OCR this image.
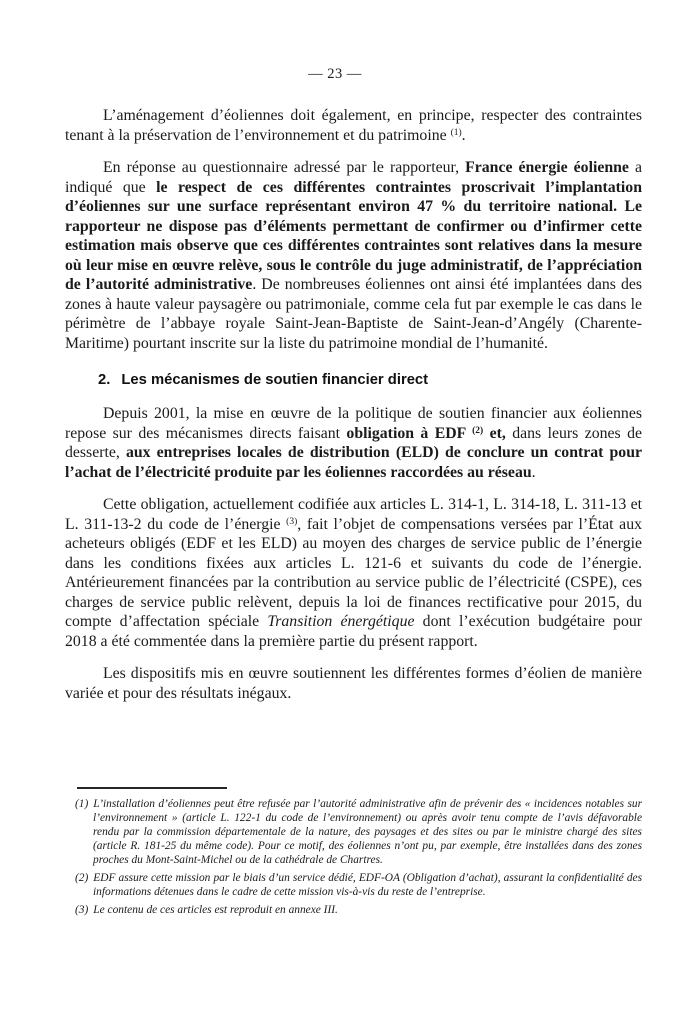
— 23 —

L’aménagement d’éoliennes doit également, en principe, respecter des contraintes tenant à la préservation de l’environnement et du patrimoine $^{(1)}$.

En réponse au questionnaire adressé par le rapporteur, France énergie éolienne a indiqué que le respect de ces différentes contraintes proscrivait l’implantation d’éoliennes sur une surface représentant environ 47 % du territoire national. Le rapporteur ne dispose pas d’éléments permettant de confirmer ou d’infirmer cette estimation mais observe que ces différentes contraintes sont relatives dans la mesure où leur mise en œuvre relève, sous le contrôle du juge administratif, de l’appréciation de l’autorité administrative. De nombreuses éoliennes ont ainsi été implantées dans des zones à haute valeur paysagère ou patrimoniale, comme cela fut par exemple le cas dans le périmètre de l’abbaye royale Saint-Jean-Baptiste de Saint-Jean-d’Angély (Charente-Maritime) pourtant inscrite sur la liste du patrimoine mondial de l’humanité.

2. Les mécanismes de soutien financier direct

Depuis 2001, la mise en œuvre de la politique de soutien financier aux éoliennes repose sur des mécanismes directs faisant obligation à EDF $^{(2)}$ et, dans leurs zones de desserte, aux entreprises locales de distribution (ELD) de conclure un contrat pour l’achat de l’électricité produite par les éoliennes raccordées au réseau.

Cette obligation, actuellement codifiée aux articles L. 314-1, L. 314-18, L. 311-13 et L. 311-13-2 du code de l’énergie $^{(3)}$, fait l’objet de compensations versées par l’État aux acheteurs obligés (EDF et les ELD) au moyen des charges de service public de l’énergie dans les conditions fixées aux articles L. 121-6 et suivants du code de l’énergie. Antérieurement financées par la contribution au service public de l’électricité (CSPE), ces charges de service public relèvent, depuis la loi de finances rectificative pour 2015, du compte d’affectation spéciale Transition énergétique dont l’exécution budgétaire pour 2018 a été commentée dans la première partie du présent rapport.

Les dispositifs mis en œuvre soutiennent les différentes formes d’éolien de manière variée et pour des résultats inégaux.

(1) L’installation d’éoliennes peut être refusée par l’autorité administrative afin de prévenir des « incidences notables sur l’environnement » (article L. 122-1 du code de l’environnement) ou après avoir tenu compte de l’avis défavorable rendu par la commission départementale de la nature, des paysages et des sites ou par le ministre chargé des sites (article R. 181-25 du même code). Pour ce motif, des éoliennes n’ont pu, par exemple, être installées dans des zones proches du Mont-Saint-Michel ou de la cathédrale de Chartres.
(2) EDF assure cette mission par le biais d’un service dédié, EDF-OA (Obligation d’achat), assurant la confidentialité des informations détenues dans le cadre de cette mission vis-à-vis du reste de l’entreprise.
(3) Le contenu de ces articles est reproduit en annexe III.
